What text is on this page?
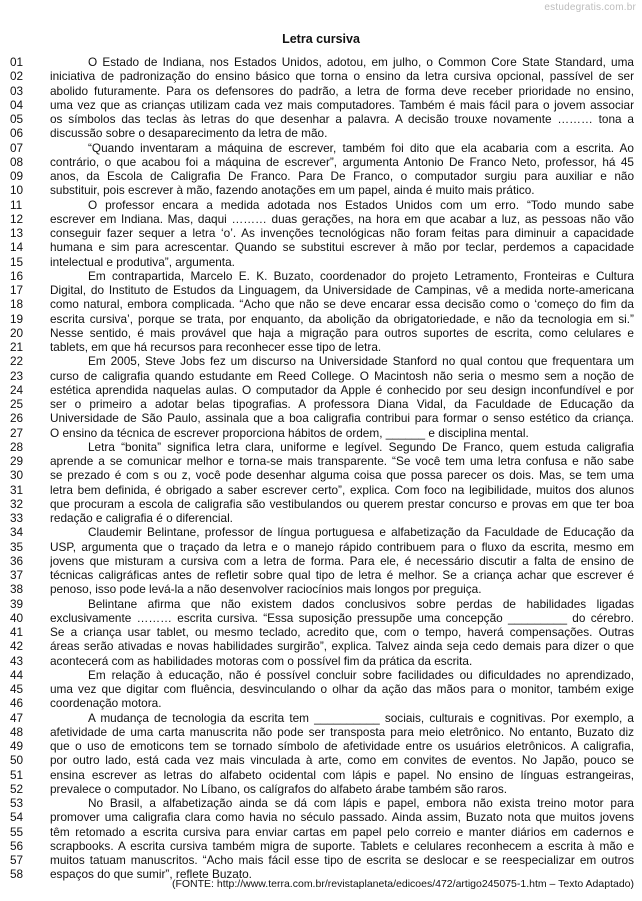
estudegratis.com.br
Letra cursiva
01	O Estado de Indiana, nos Estados Unidos, adotou, em julho, o Common Core State Standard, uma
02	iniciativa de padronização do ensino básico que torna o ensino da letra cursiva opcional, passível de ser
03	abolido futuramente. Para os defensores do padrão, a letra de forma deve receber prioridade no ensino,
04	uma vez que as crianças utilizam cada vez mais computadores. Também é mais fácil para o jovem associar
05	os símbolos das teclas às letras do que desenhar a palavra. A decisão trouxe novamente ……… tona a
06	discussão sobre o desaparecimento da letra de mão.
07	“Quando inventaram a máquina de escrever, também foi dito que ela acabaria com a escrita. Ao
08	contrário, o que acabou foi a máquina de escrever”, argumenta Antonio De Franco Neto, professor, há 45
09	anos, da Escola de Caligrafia De Franco. Para De Franco, o computador surgiu para auxiliar e não
10	substituir, pois escrever à mão, fazendo anotações em um papel, ainda é muito mais prático.
11	O professor encara a medida adotada nos Estados Unidos com um erro. “Todo mundo sabe
12	escrever em Indiana. Mas, daqui ……… duas gerações, na hora em que acabar a luz, as pessoas não vão
13	conseguir fazer sequer a letra ‘o’. As invenções tecnológicas não foram feitas para diminuir a capacidade
14	humana e sim para acrescentar. Quando se substitui escrever à mão por teclar, perdemos a capacidade
15	intelectual e produtiva”, argumenta.
16	Em contrapartida, Marcelo E. K. Buzato, coordenador do projeto Letramento, Fronteiras e Cultura
17	Digital, do Instituto de Estudos da Linguagem, da Universidade de Campinas, vê a medida norte-americana
18	como natural, embora complicada. “Acho que não se deve encarar essa decisão como o ‘começo do fim da
19	escrita cursiva’, porque se trata, por enquanto, da abolição da obrigatoriedade, e não da tecnologia em si.”
20	Nesse sentido, é mais provável que haja a migração para outros suportes de escrita, como celulares e
21	tablets, em que há recursos para reconhecer esse tipo de letra.
22	Em 2005, Steve Jobs fez um discurso na Universidade Stanford no qual contou que frequentara um
23	curso de caligrafia quando estudante em Reed College. O Macintosh não seria o mesmo sem a noção de
24	estética aprendida naquelas aulas. O computador da Apple é conhecido por seu design inconfundível e por
25	ser o primeiro a adotar belas tipografias. A professora Diana Vidal, da Faculdade de Educação da
26	Universidade de São Paulo, assinala que a boa caligrafia contribui para formar o senso estético da criança.
27	O ensino da técnica de escrever proporciona hábitos de ordem, ______ e disciplina mental.
28	Letra “bonita” significa letra clara, uniforme e legível. Segundo De Franco, quem estuda caligrafia
29	aprende a se comunicar melhor e torna-se mais transparente. “Se você tem uma letra confusa e não sabe
30	se prezado é com s ou z, você pode desenhar alguma coisa que possa parecer os dois. Mas, se tem uma
31	letra bem definida, é obrigado a saber escrever certo”, explica. Com foco na legibilidade, muitos dos alunos
32	que procuram a escola de caligrafia são vestibulandos ou querem prestar concurso e provas em que ter boa
33	redação e caligrafia é o diferencial.
34	Claudemir Belintane, professor de língua portuguesa e alfabetização da Faculdade de Educação da
35	USP, argumenta que o traçado da letra e o manejo rápido contribuem para o fluxo da escrita, mesmo em
36	jovens que misturam a cursiva com a letra de forma. Para ele, é necessário discutir a falta de ensino de
37	técnicas caligráficas antes de refletir sobre qual tipo de letra é melhor. Se a criança achar que escrever é
38	penoso, isso pode levá-la a não desenvolver raciocínios mais longos por preguiça.
39	Belintane afirma que não existem dados conclusivos sobre perdas de habilidades ligadas
40	exclusivamente ……… escrita cursiva. “Essa suposição pressupõe uma concepção _________ do cérebro.
41	Se a criança usar tablet, ou mesmo teclado, acredito que, com o tempo, haverá compensações. Outras
42	áreas serão ativadas e novas habilidades surgirão”, explica. Talvez ainda seja cedo demais para dizer o que
43	acontecerá com as habilidades motoras com o possível fim da prática da escrita.
44	Em relação à educação, não é possível concluir sobre facilidades ou dificuldades no aprendizado,
45	uma vez que digitar com fluência, desvinculando o olhar da ação das mãos para o monitor, também exige
46	coordenação motora.
47	A mudança de tecnologia da escrita tem __________ sociais, culturais e cognitivas. Por exemplo, a
48	afetividade de uma carta manuscrita não pode ser transposta para meio eletrônico. No entanto, Buzato diz
49	que o uso de emoticons tem se tornado símbolo de afetividade entre os usuários eletrônicos. A caligrafia,
50	por outro lado, está cada vez mais vinculada à arte, como em convites de eventos. No Japão, pouco se
51	ensina escrever as letras do alfabeto ocidental com lápis e papel. No ensino de línguas estrangeiras,
52	prevalece o computador. No Líbano, os calígrafos do alfabeto árabe também são raros.
53	No Brasil, a alfabetização ainda se dá com lápis e papel, embora não exista treino motor para
54	promover uma caligrafia clara como havia no século passado. Ainda assim, Buzato nota que muitos jovens
55	têm retomado a escrita cursiva para enviar cartas em papel pelo correio e manter diários em cadernos e
56	scrapbooks. A escrita cursiva também migra de suporte. Tablets e celulares reconhecem a escrita à mão e
57	muitos tatuam manuscritos. “Acho mais fácil esse tipo de escrita se deslocar e se reespecializar em outros
58	espaços do que sumir”, reflete Buzato.
(FONTE: http://www.terra.com.br/revistaplaneta/edicoes/472/artigo245075-1.htm – Texto Adaptado)
